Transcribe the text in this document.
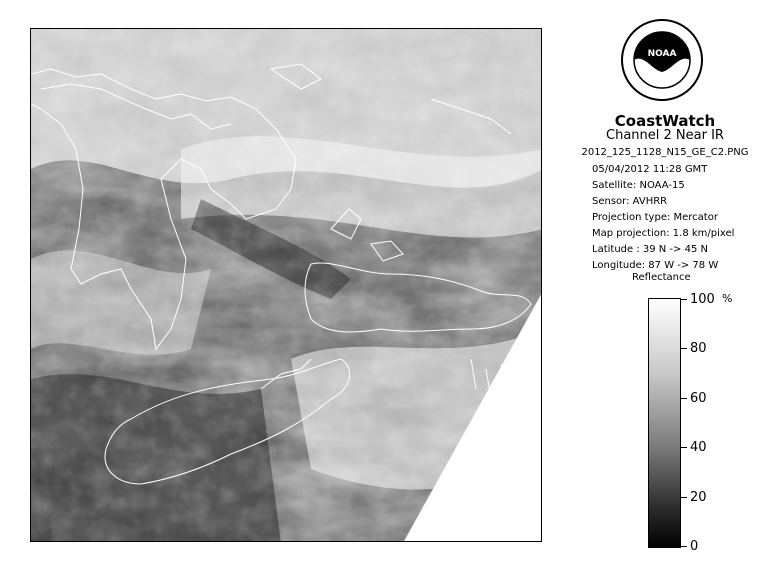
NOAA
CoastWatch
Channel 2 Near IR
2012_125_1128_N15_GE_C2.PNG
05/04/2012 11:28 GMT
Satellite: NOAA-15
Sensor: AVHRR
Projection type: Mercator
Map projection: 1.8 km/pixel
Latitude : 39 N -> 45 N
Longitude: 87 W -> 78 W
Reflectance
%
100
80
60
40
20
0
